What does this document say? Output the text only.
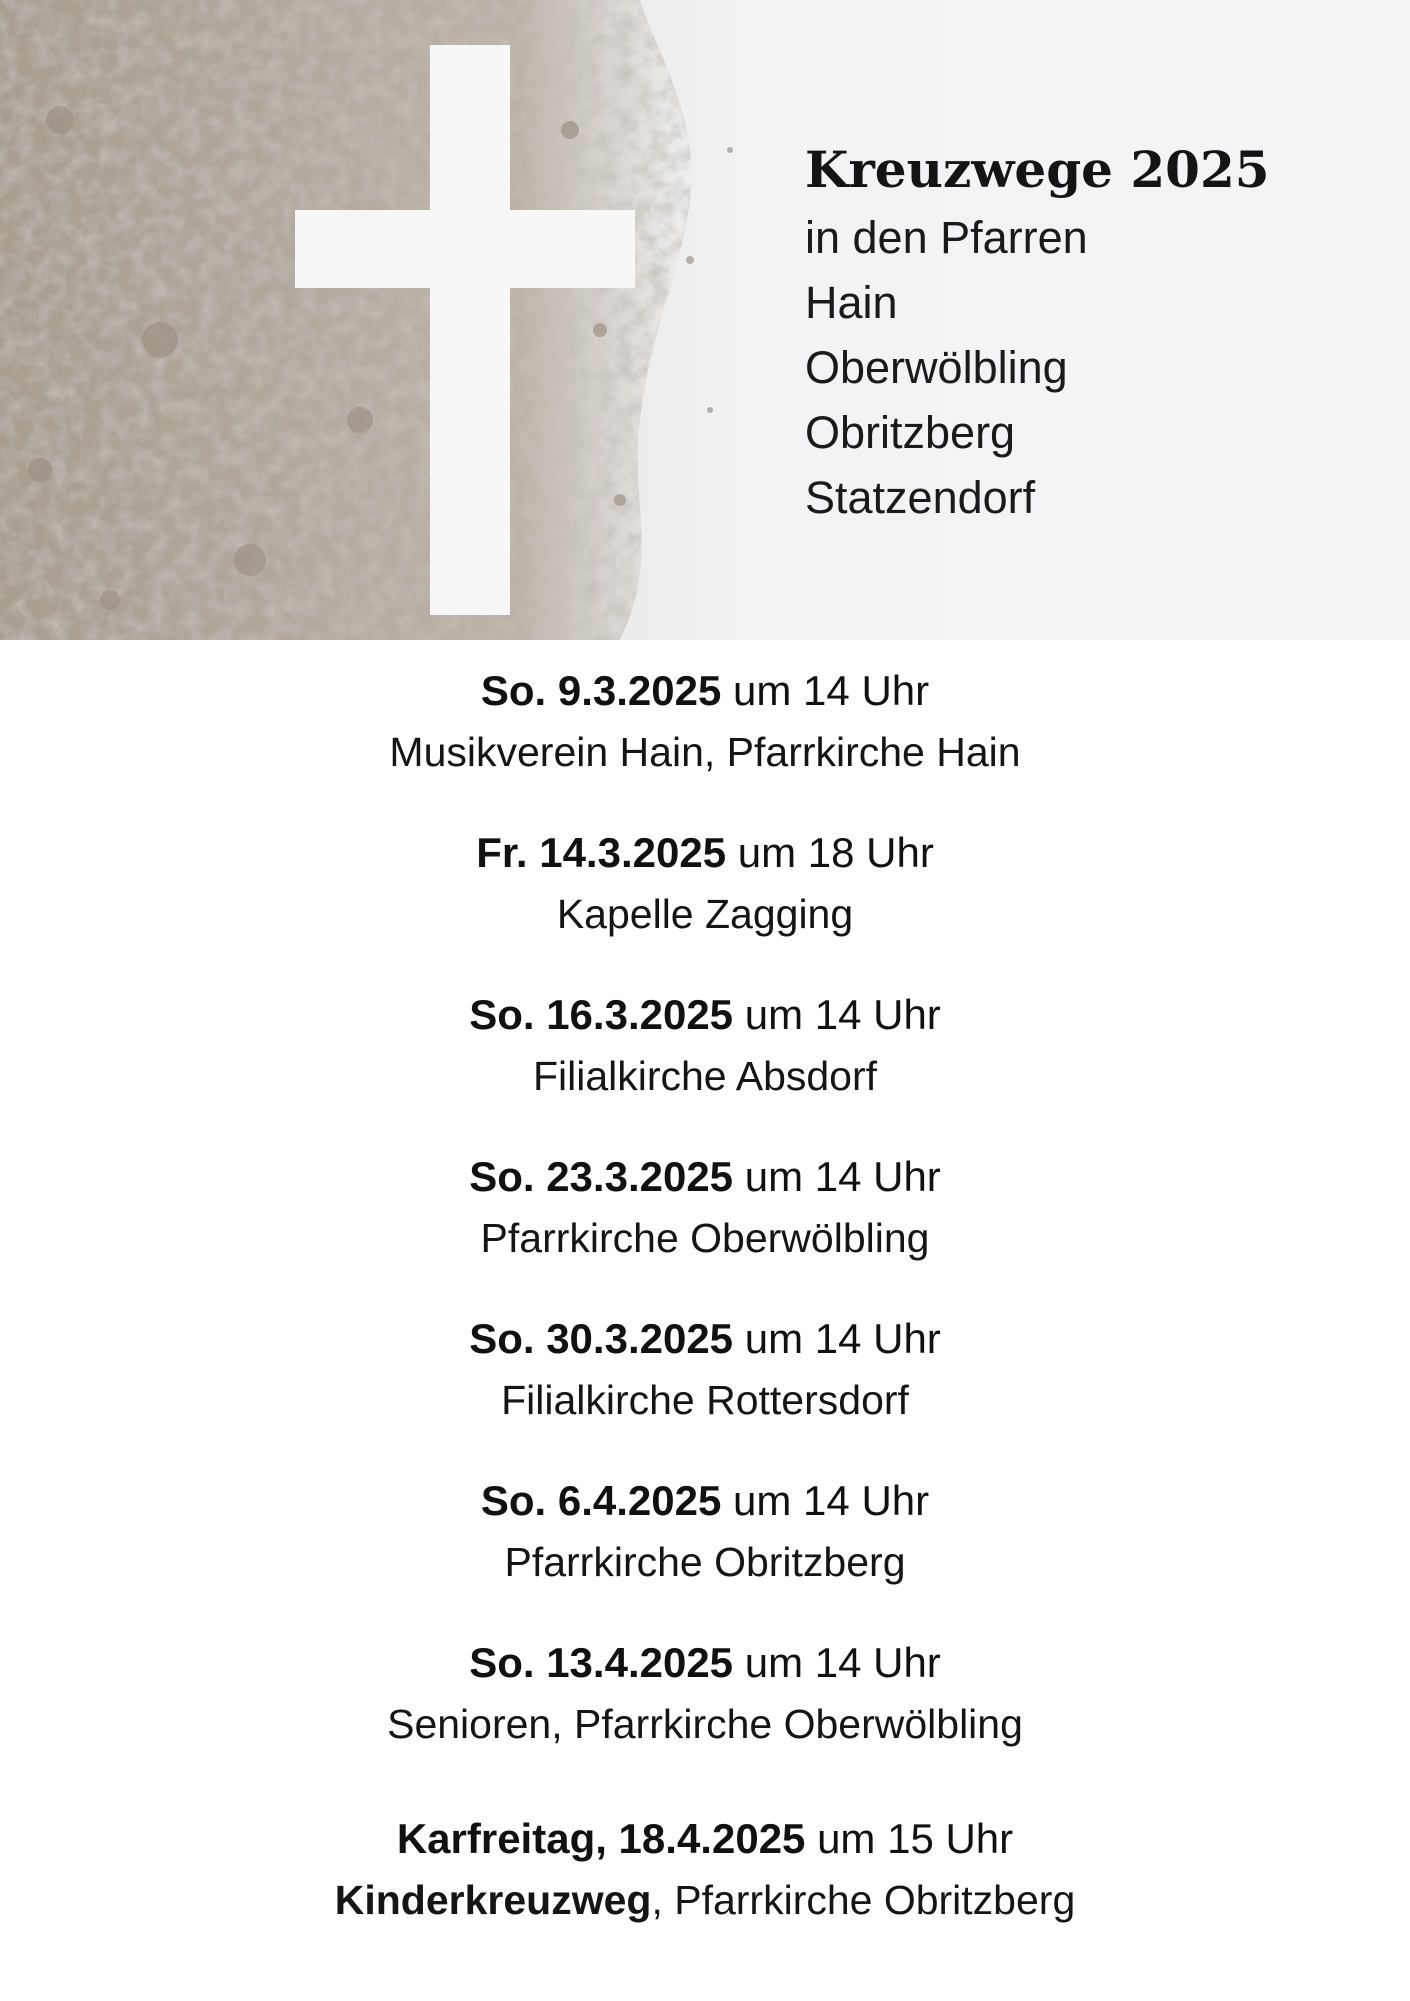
Kreuzwege 2025
in den Pfarren
Hain
Oberwölbling
Obritzberg
Statzendorf
So. 9.3.2025 um 14 Uhr
Musikverein Hain, Pfarrkirche Hain
Fr. 14.3.2025 um 18 Uhr
Kapelle Zagging
So. 16.3.2025 um 14 Uhr
Filialkirche Absdorf
So. 23.3.2025 um 14 Uhr
Pfarrkirche Oberwölbling
So. 30.3.2025 um 14 Uhr
Filialkirche Rottersdorf
So. 6.4.2025 um 14 Uhr
Pfarrkirche Obritzberg
So. 13.4.2025 um 14 Uhr
Senioren, Pfarrkirche Oberwölbling
Karfreitag, 18.4.2025 um 15 Uhr
Kinderkreuzweg, Pfarrkirche Obritzberg
